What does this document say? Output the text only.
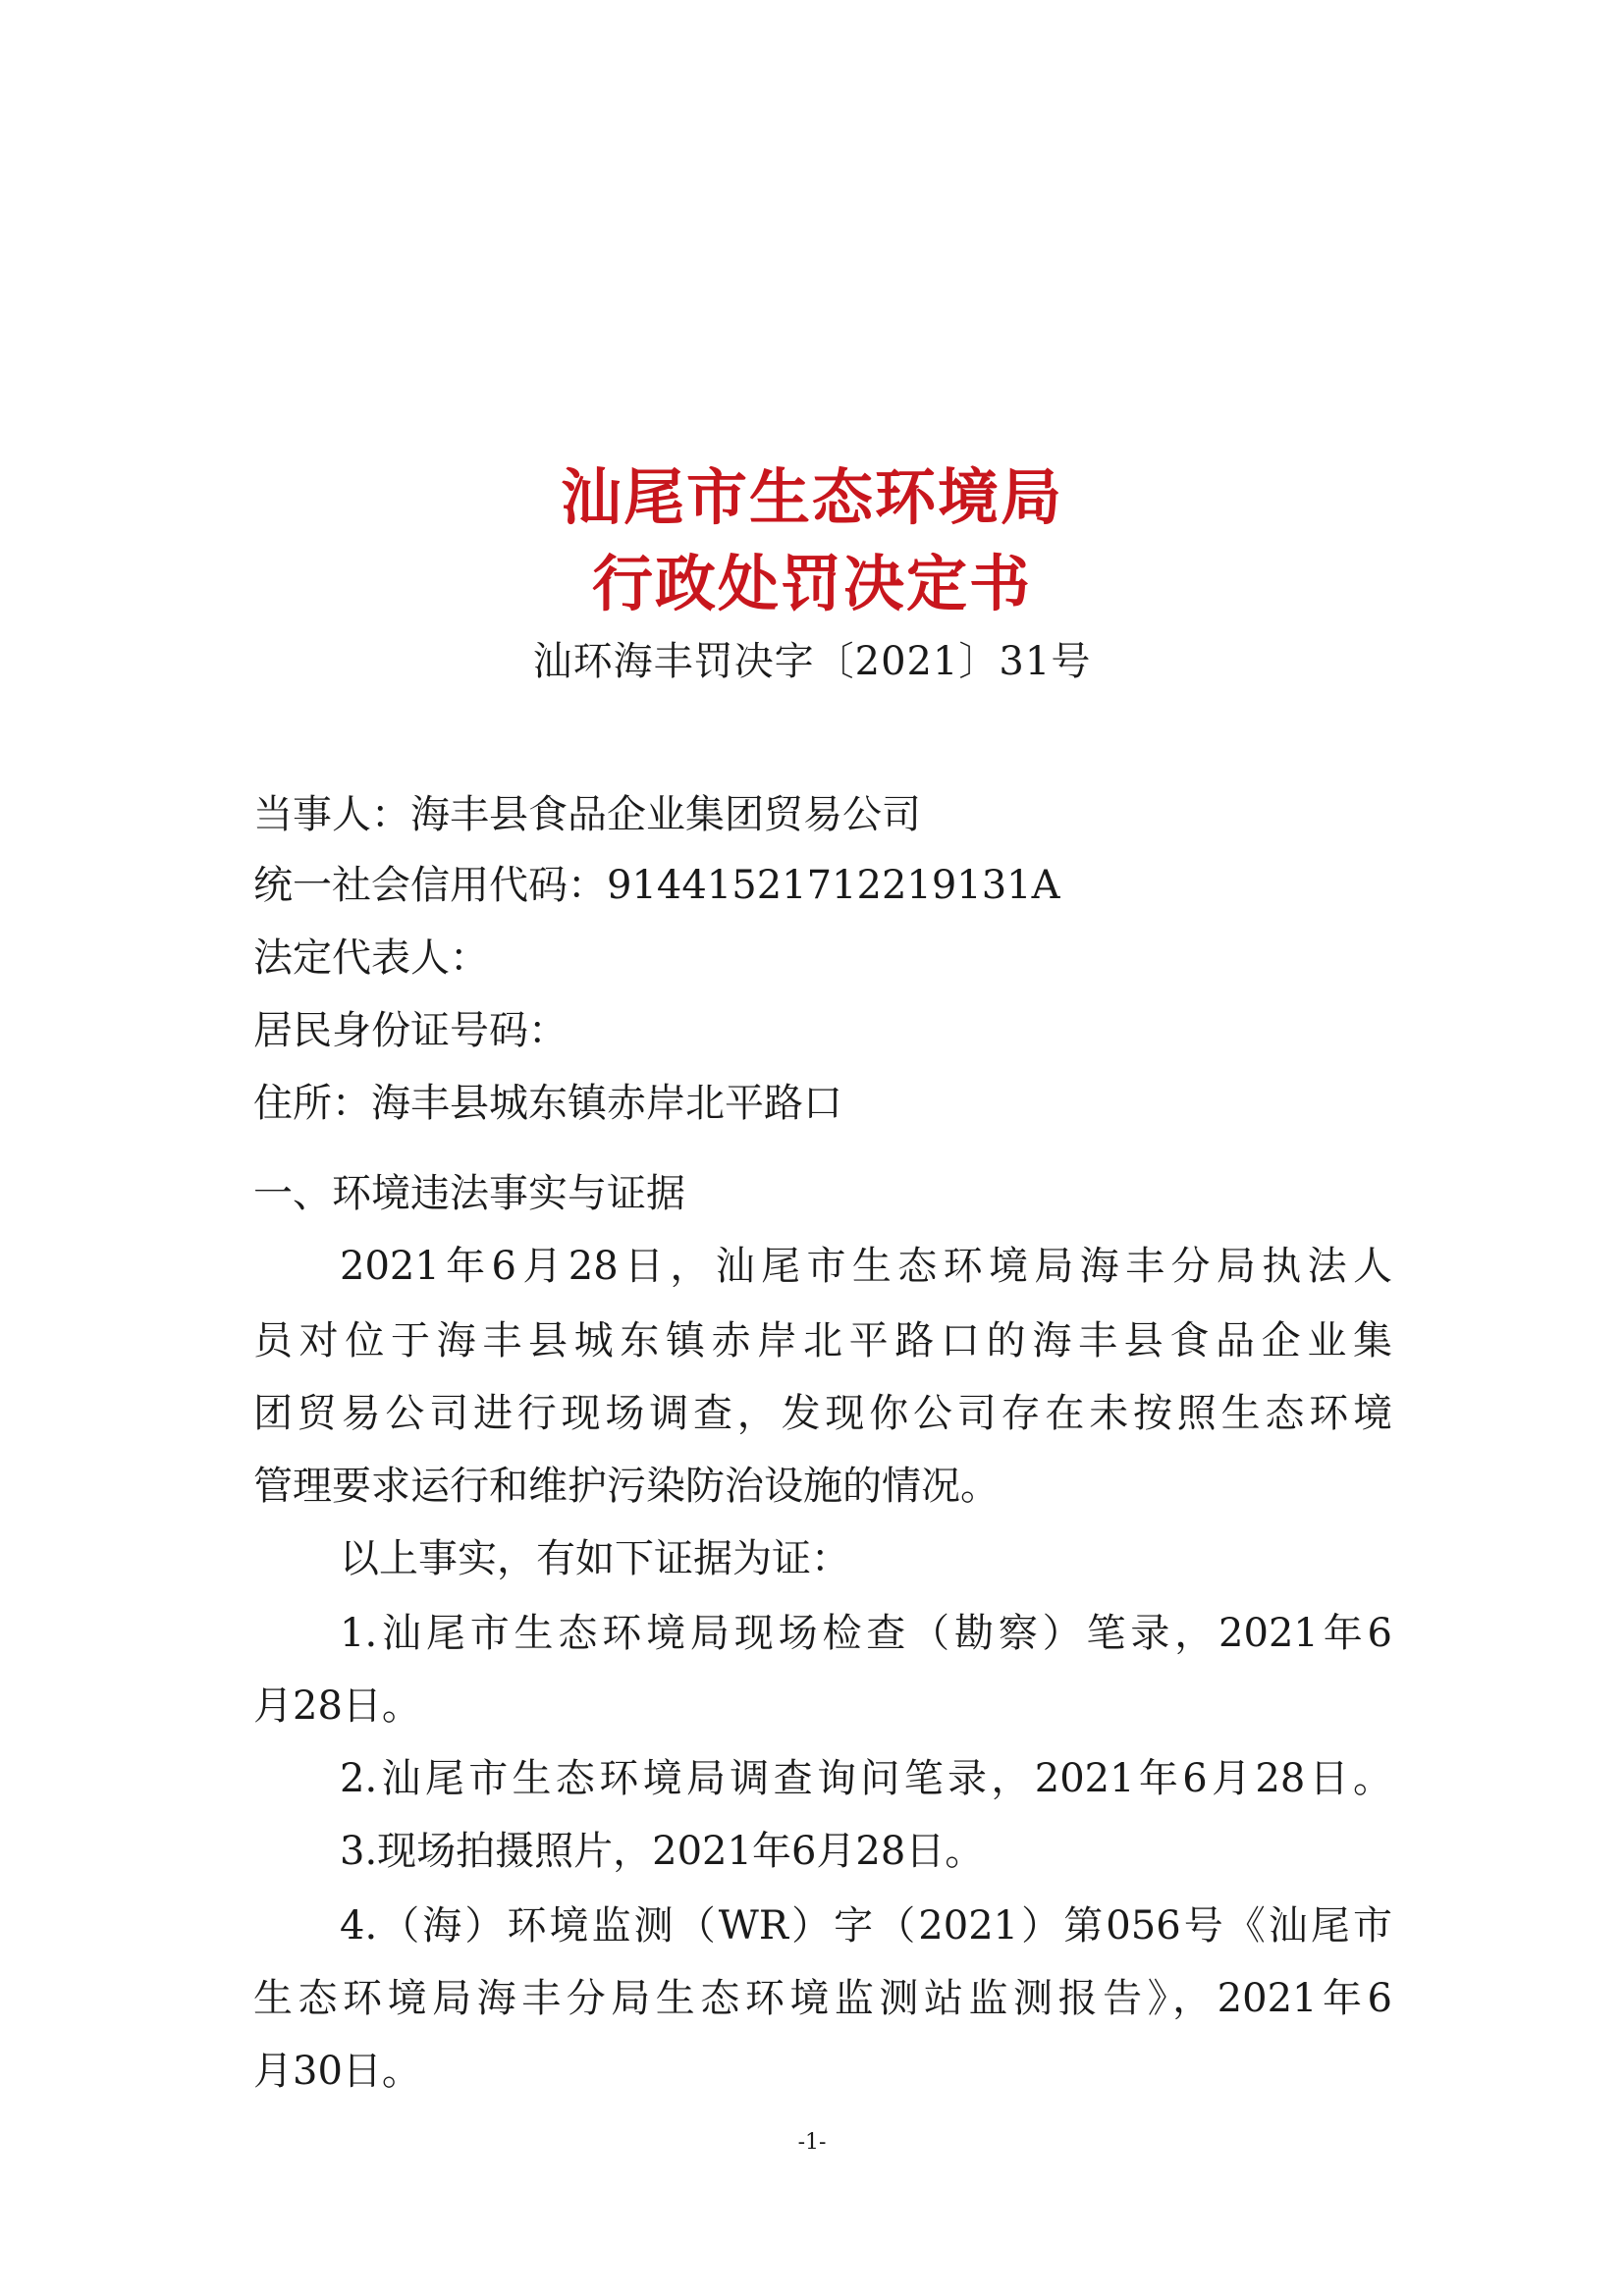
汕尾市生态环境局
行政处罚决定书
汕环海丰罚决字〔2021〕31号
当事人：海丰县食品企业集团贸易公司
统一社会信用代码：91441521712219131A
法定代表人：
居民身份证号码：
住所：海丰县城东镇赤岸北平路口
一、环境违法事实与证据
2021年6月28日，汕尾市生态环境局海丰分局执法人
员对位于海丰县城东镇赤岸北平路口的海丰县食品企业集
团贸易公司进行现场调查，发现你公司存在未按照生态环境
管理要求运行和维护污染防治设施的情况。
以上事实，有如下证据为证：
1.汕尾市生态环境局现场检查（勘察）笔录，2021年6
月28日。
2.汕尾市生态环境局调查询问笔录，2021年6月28日。
3.现场拍摄照片，2021年6月28日。
4.（海）环境监测（WR）字（2021）第056号《汕尾市
生态环境局海丰分局生态环境监测站监测报告》，2021年6
月30日。
-1-
